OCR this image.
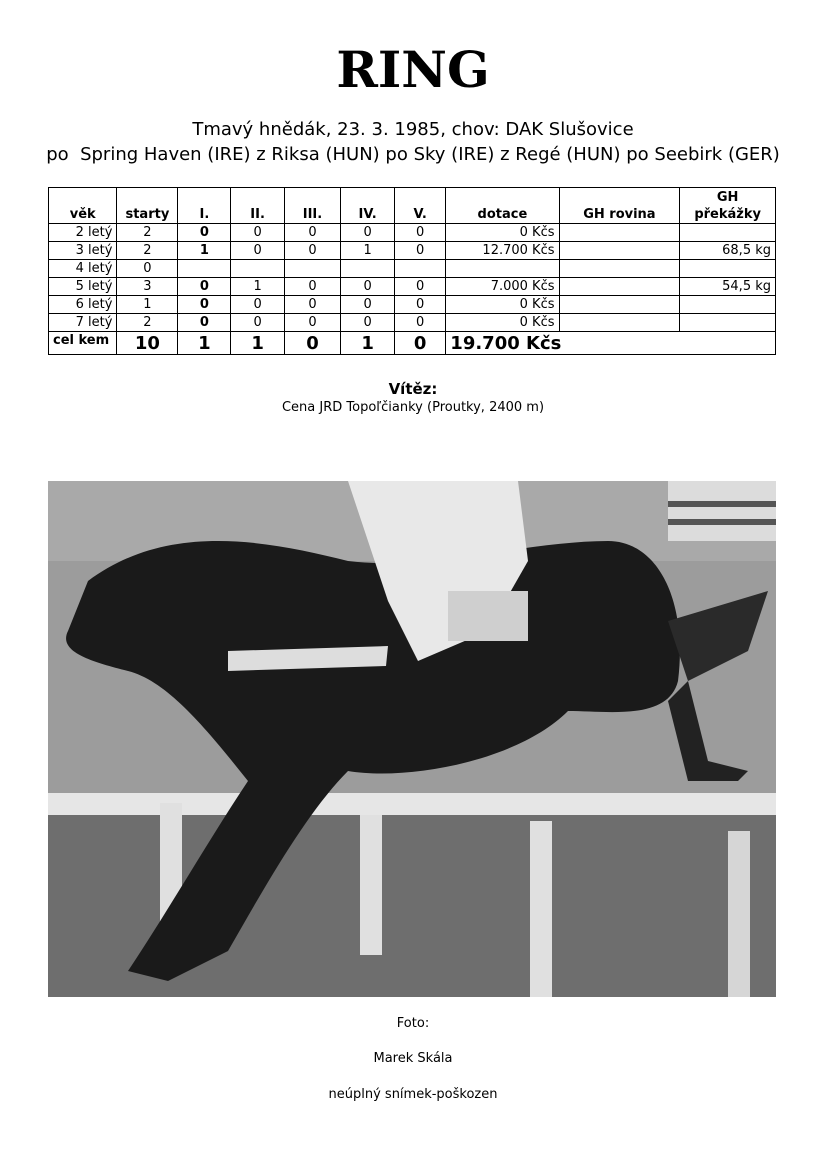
RING
Tmavý hnědák, 23. 3. 1985, chov: DAK Slušovice
po  Spring Haven (IRE) z Riksa (HUN) po Sky (IRE) z Regé (HUN) po Seebirk (GER)
věk	starty	I.	II.	III.	IV.	V.	dotace	GH rovina	GH překážky
2 letý	2	0	0	0	0	0	0 Kčs		
3 letý	2	1	0	0	1	0	12.700 Kčs		68,5 kg
4 letý	0								
5 letý	3	0	1	0	0	0	7.000 Kčs		54,5 kg
6 letý	1	0	0	0	0	0	0 Kčs		
7 letý	2	0	0	0	0	0	0 Kčs		
cel kem	10	1	1	0	1	0	19.700 Kčs		
Vítěz:
Cena JRD Topoľčianky (Proutky, 2400 m)
Foto:
Marek Skála
neúplný snímek-poškozen
